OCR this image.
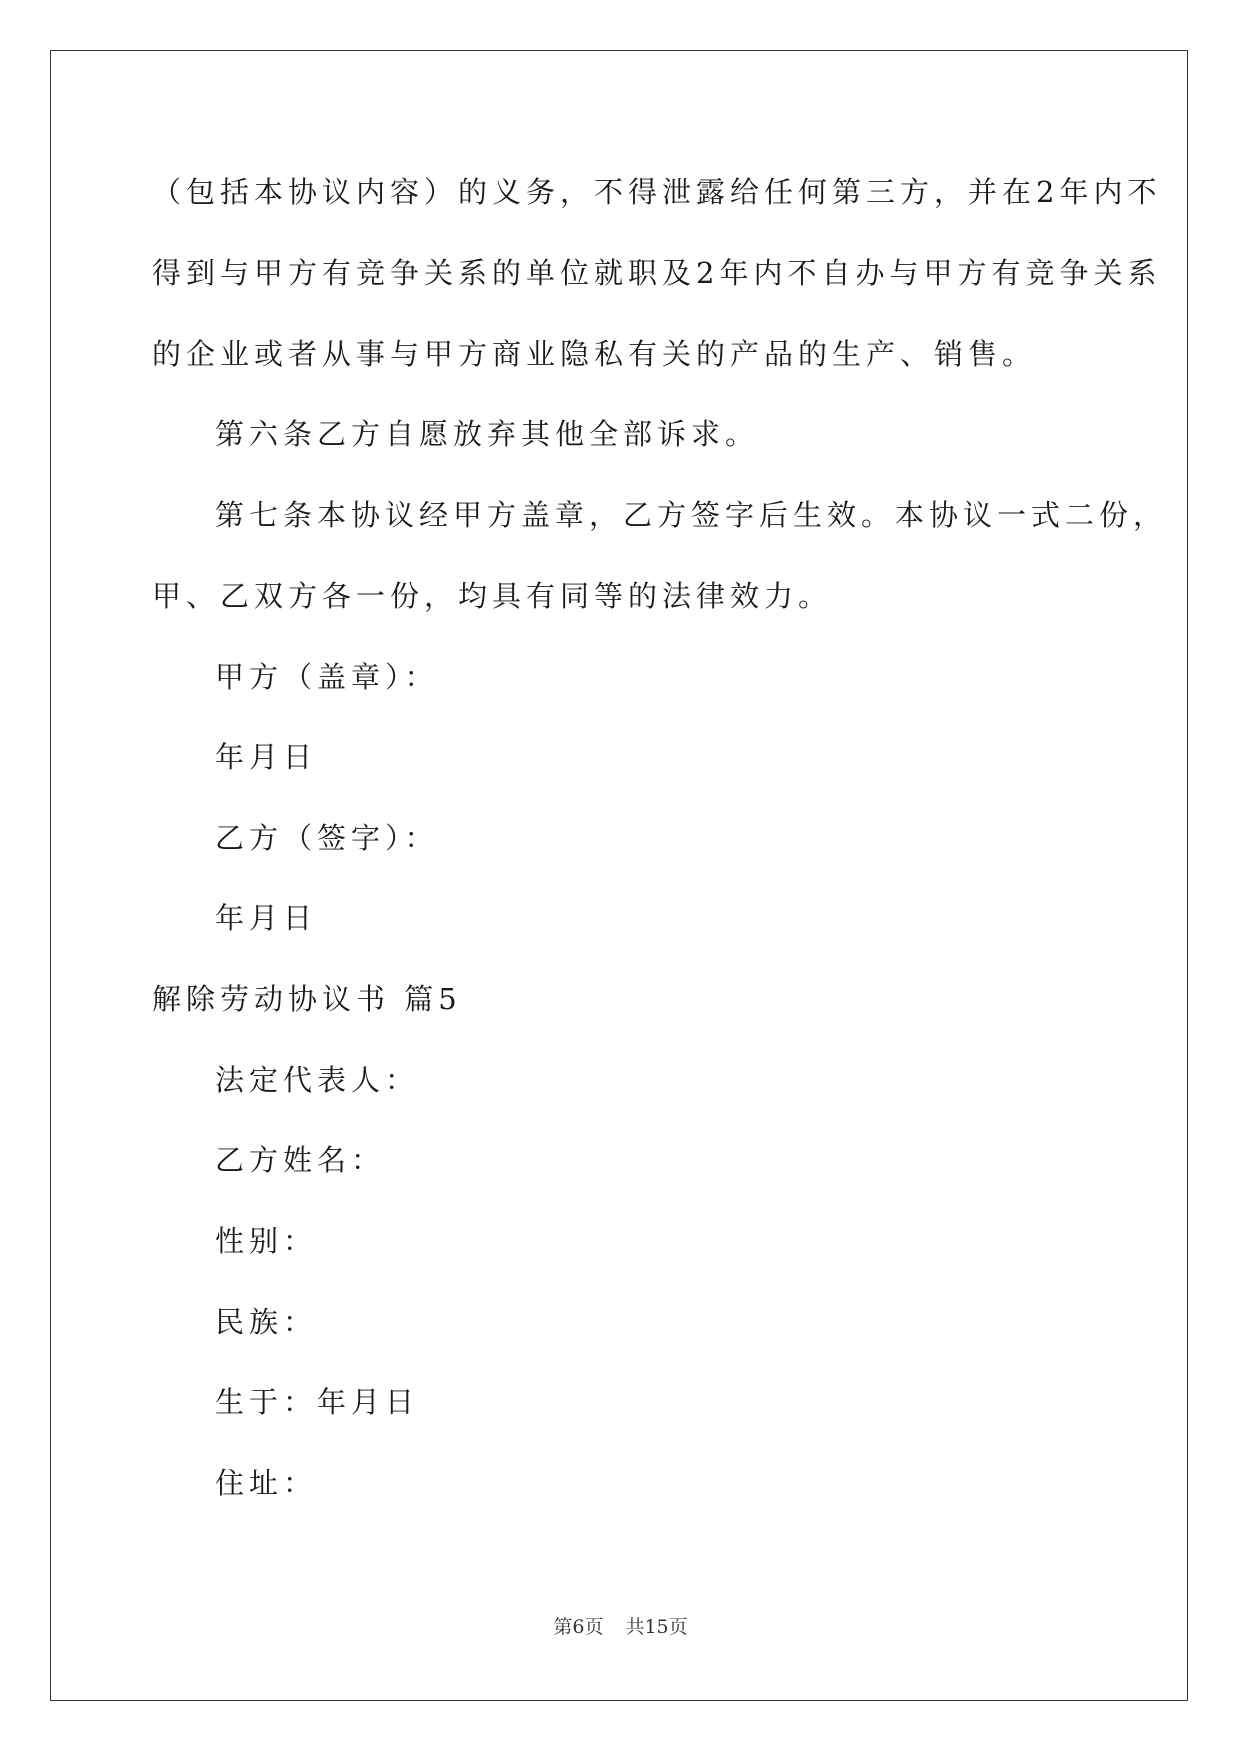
（包括本协议内容）的义务，不得泄露给任何第三方，并在2年内不
得到与甲方有竞争关系的单位就职及2年内不自办与甲方有竞争关系
的企业或者从事与甲方商业隐私有关的产品的生产、销售。
第六条乙方自愿放弃其他全部诉求。
第七条本协议经甲方盖章，乙方签字后生效。本协议一式二份，
甲、乙双方各一份，均具有同等的法律效力。
甲方（盖章）：
年月日
乙方（签字）：
年月日
解除劳动协议书 篇5
法定代表人：
乙方姓名：
性别：
民族：
生于：年月日
住址：
第6页 共15页
